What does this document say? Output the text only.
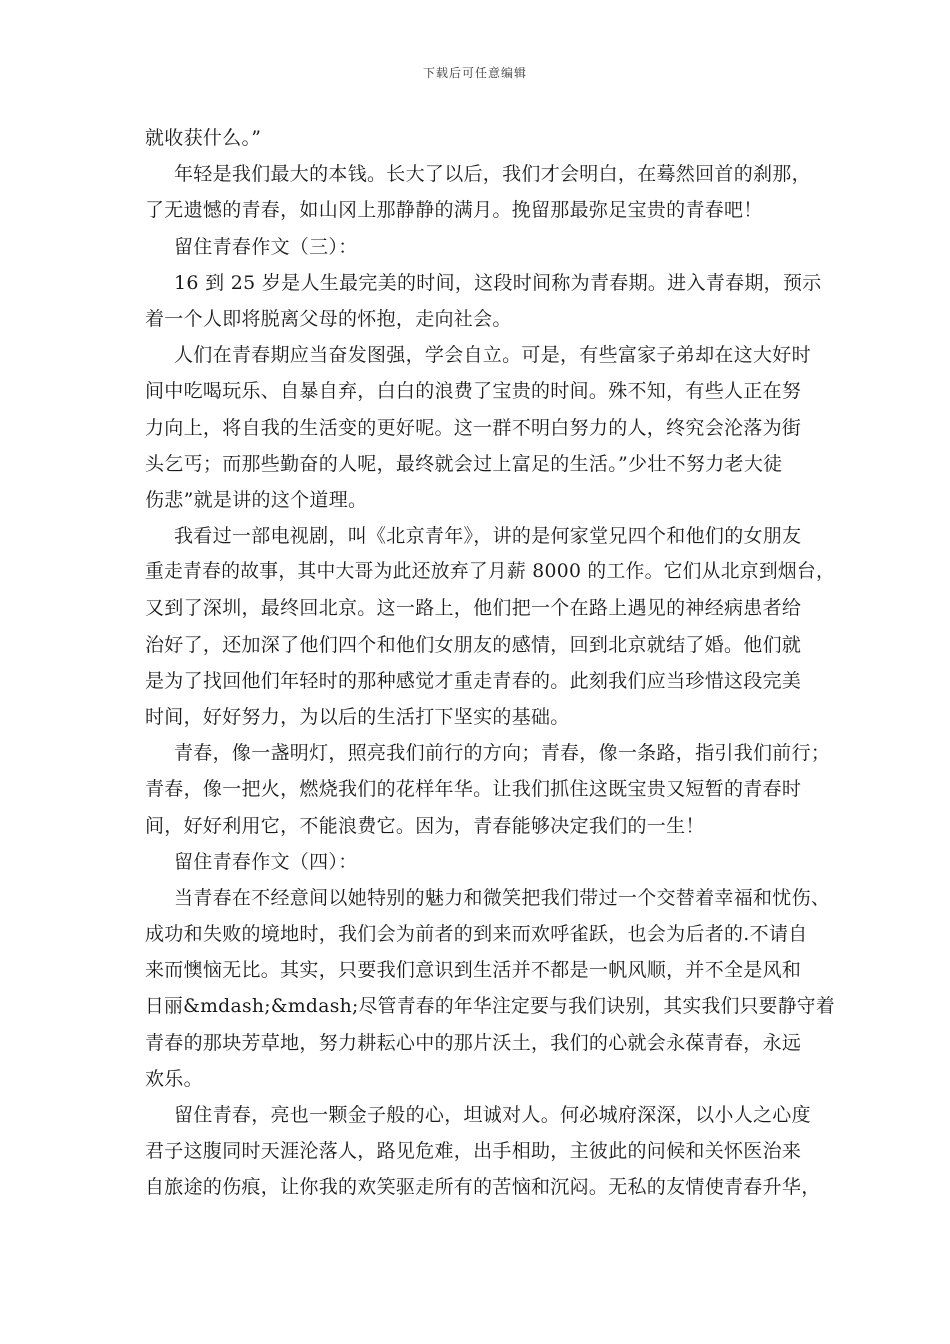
下载后可任意编辑
就收获什么。”
年轻是我们最大的本钱。长大了以后，我们才会明白，在蓦然回首的刹那，
了无遗憾的青春，如山冈上那静静的满月。挽留那最弥足宝贵的青春吧！
留住青春作文（三）：
16 到 25 岁是人生最完美的时间，这段时间称为青春期。进入青春期，预示
着一个人即将脱离父母的怀抱，走向社会。
人们在青春期应当奋发图强，学会自立。可是，有些富家子弟却在这大好时
间中吃喝玩乐、自暴自弃，白白的浪费了宝贵的时间。殊不知，有些人正在努
力向上，将自我的生活变的更好呢。这一群不明白努力的人，终究会沦落为街
头乞丐；而那些勤奋的人呢，最终就会过上富足的生活。”少壮不努力老大徒
伤悲”就是讲的这个道理。
我看过一部电视剧，叫《北京青年》，讲的是何家堂兄四个和他们的女朋友
重走青春的故事，其中大哥为此还放弃了月薪 8000 的工作。它们从北京到烟台，
又到了深圳，最终回北京。这一路上，他们把一个在路上遇见的神经病患者给
治好了，还加深了他们四个和他们女朋友的感情，回到北京就结了婚。他们就
是为了找回他们年轻时的那种感觉才重走青春的。此刻我们应当珍惜这段完美
时间，好好努力，为以后的生活打下坚实的基础。
青春，像一盏明灯，照亮我们前行的方向；青春，像一条路，指引我们前行；
青春，像一把火，燃烧我们的花样年华。让我们抓住这既宝贵又短暂的青春时
间，好好利用它，不能浪费它。因为，青春能够决定我们的一生！
留住青春作文（四）：
当青春在不经意间以她特别的魅力和微笑把我们带过一个交替着幸福和忧伤、
成功和失败的境地时，我们会为前者的到来而欢呼雀跃，也会为后者的.不请自
来而懊恼无比。其实，只要我们意识到生活并不都是一帆风顺，并不全是风和
日丽&mdash;&mdash;尽管青春的年华注定要与我们诀别，其实我们只要静守着
青春的那块芳草地，努力耕耘心中的那片沃土，我们的心就会永葆青春，永远
欢乐。
留住青春，亮也一颗金子般的心，坦诚对人。何必城府深深，以小人之心度
君子这腹同时天涯沦落人，路见危难，出手相助，主彼此的问候和关怀医治来
自旅途的伤痕，让你我的欢笑驱走所有的苦恼和沉闷。无私的友情使青春升华，
